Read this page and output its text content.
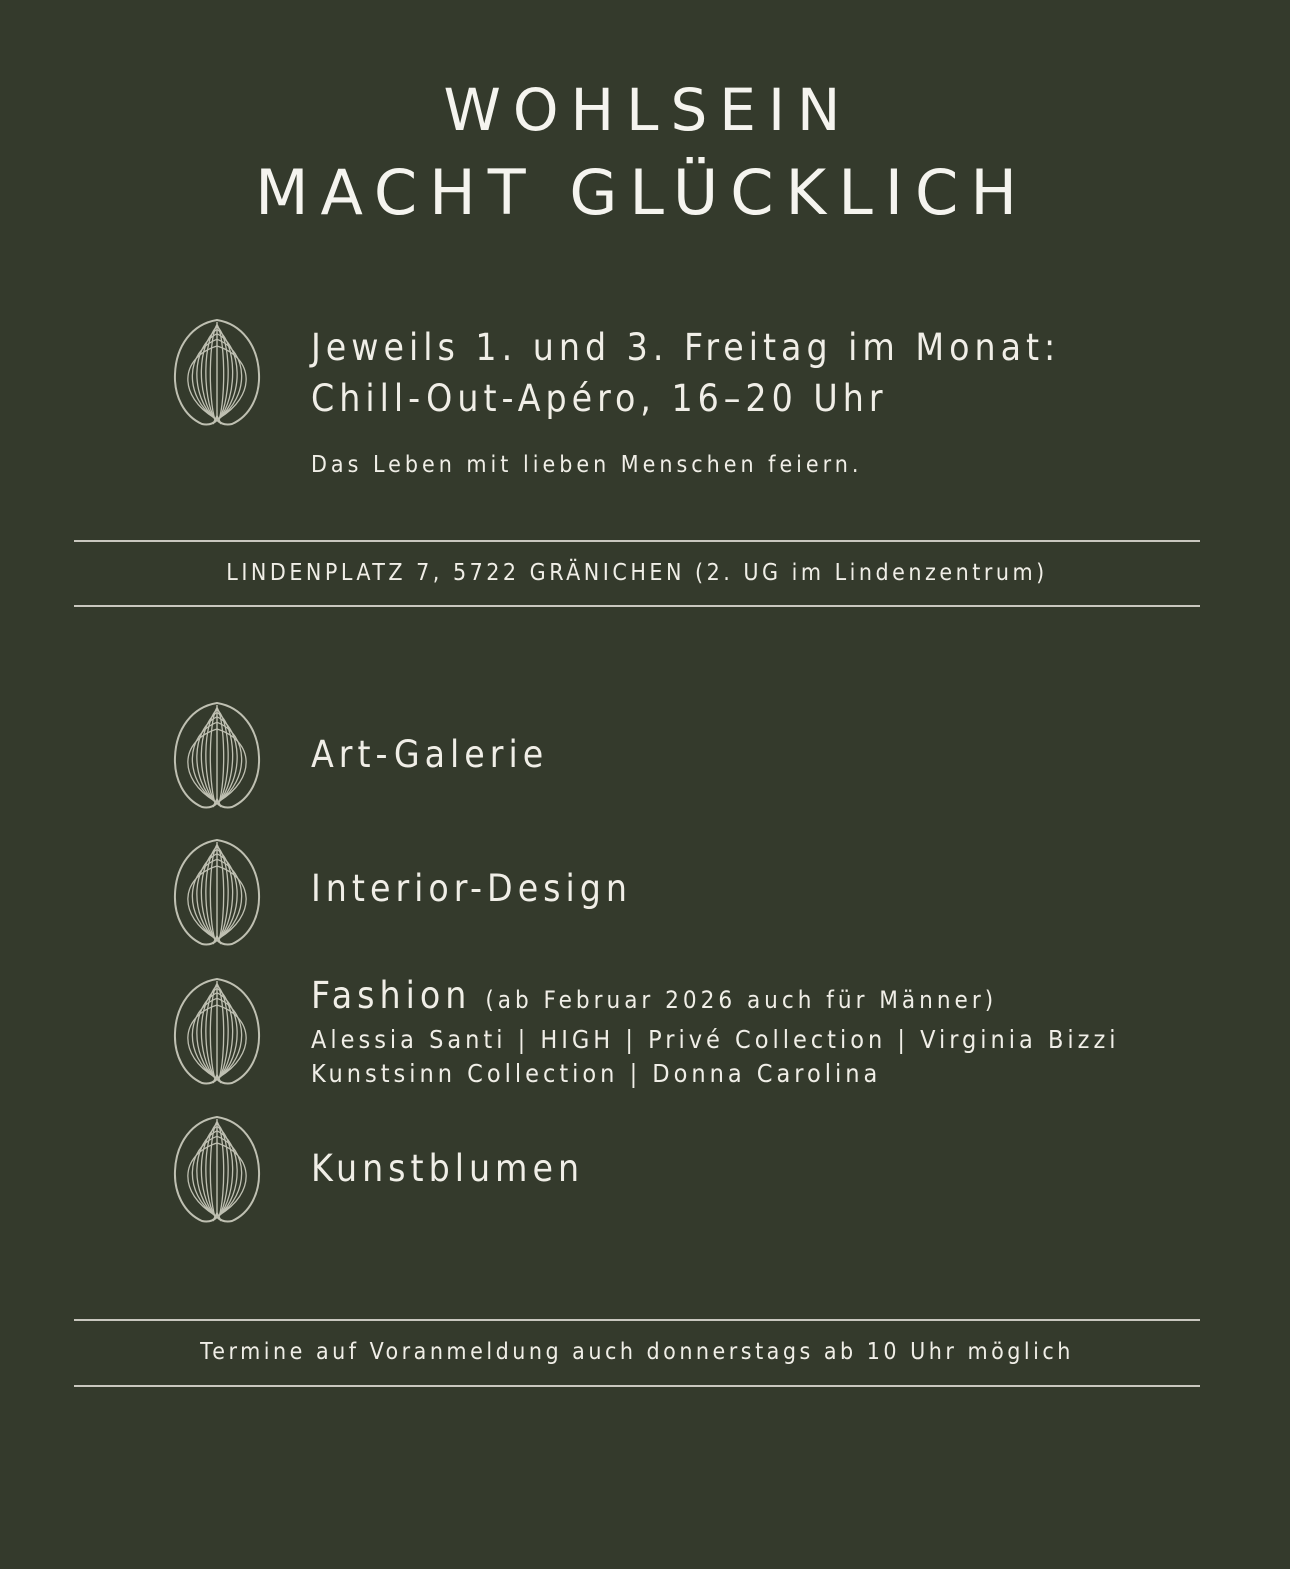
WOHLSEIN
MACHT GLÜCKLICH
Jeweils 1. und 3. Freitag im Monat:
Chill-Out-Apéro, 16–20 Uhr
Das Leben mit lieben Menschen feiern.
LINDENPLATZ 7, 5722 GRÄNICHEN (2. UG im Lindenzentrum)
Art-Galerie
Interior-Design
Fashion (ab Februar 2026 auch für Männer)
Alessia Santi | HIGH | Privé Collection | Virginia Bizzi
Kunstsinn Collection | Donna Carolina
Kunstblumen
Termine auf Voranmeldung auch donnerstags ab 10 Uhr möglich
